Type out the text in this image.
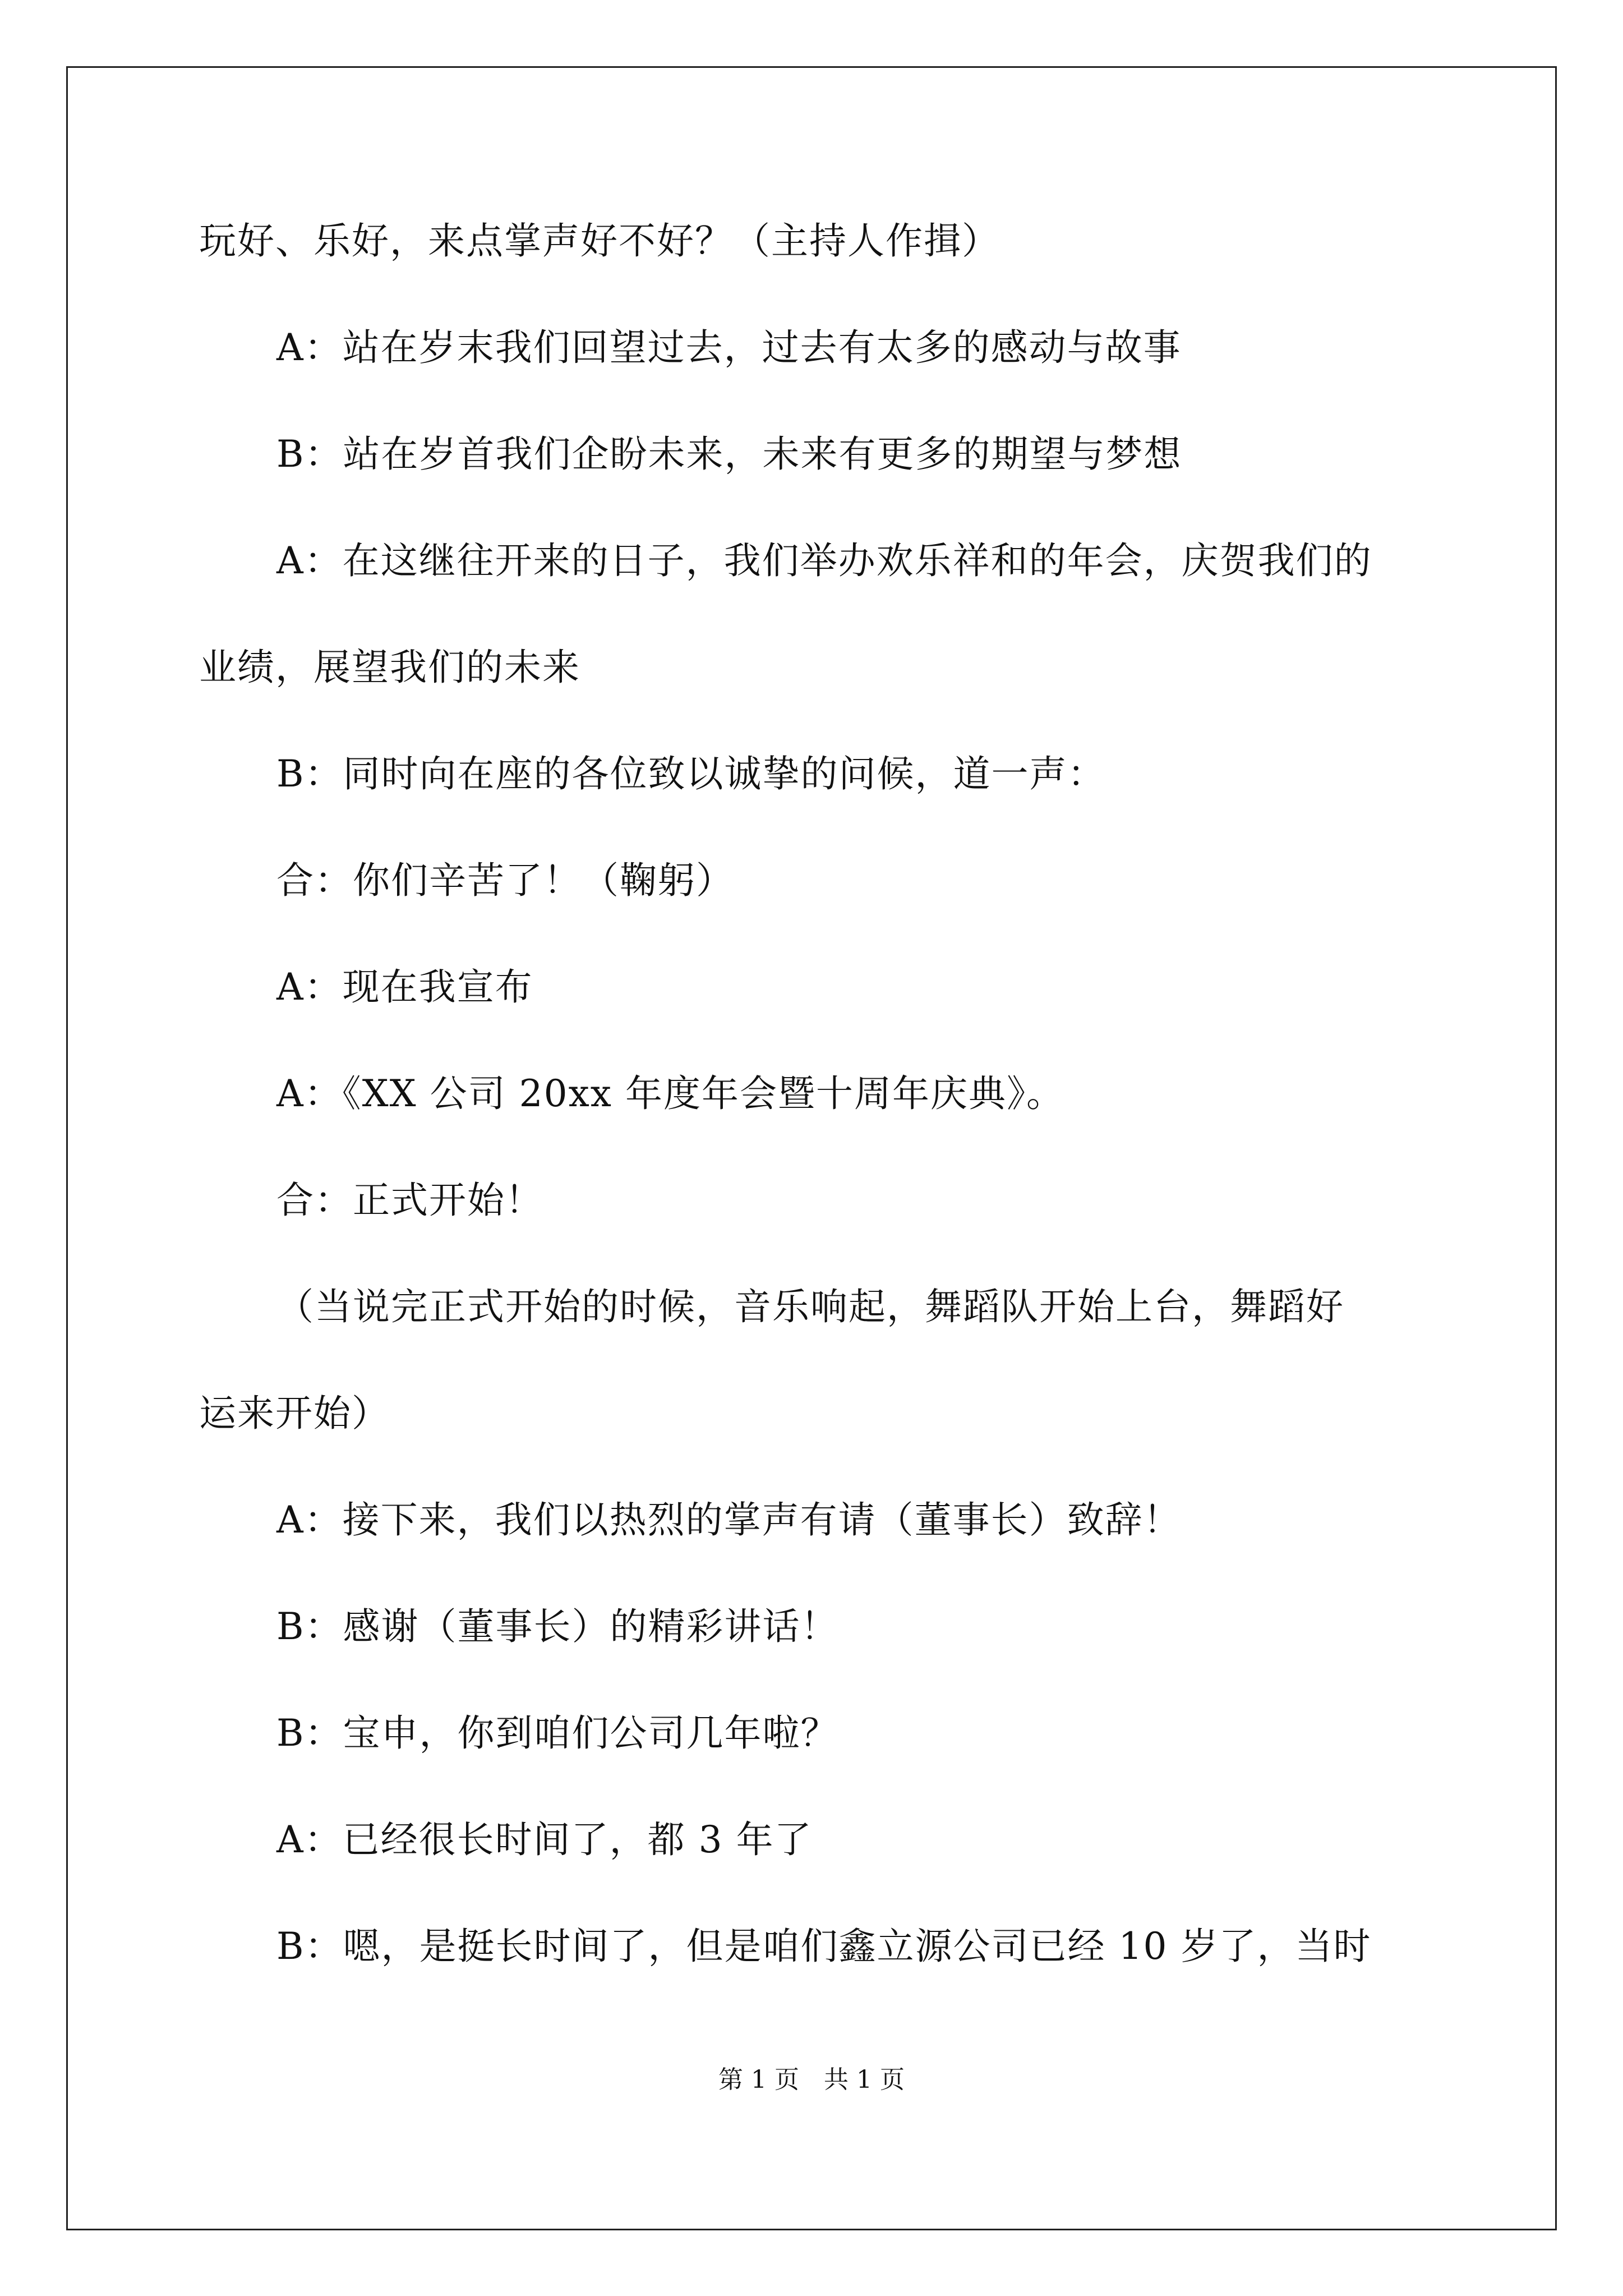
玩好、乐好，来点掌声好不好？（主持人作揖）
A：站在岁末我们回望过去，过去有太多的感动与故事
B：站在岁首我们企盼未来，未来有更多的期望与梦想
A：在这继往开来的日子，我们举办欢乐祥和的年会，庆贺我们的
业绩，展望我们的未来
B：同时向在座的各位致以诚挚的问候，道一声：
合：你们辛苦了！（鞠躬）
A：现在我宣布
A：《XX 公司 20xx 年度年会暨十周年庆典》。
合：正式开始！
（当说完正式开始的时候，音乐响起，舞蹈队开始上台，舞蹈好
运来开始）
A：接下来，我们以热烈的掌声有请（董事长）致辞！
B：感谢（董事长）的精彩讲话！
B：宝申，你到咱们公司几年啦？
A：已经很长时间了，都 3 年了
B：嗯，是挺长时间了，但是咱们鑫立源公司已经 10 岁了，当时
第 1 页　共 1 页
